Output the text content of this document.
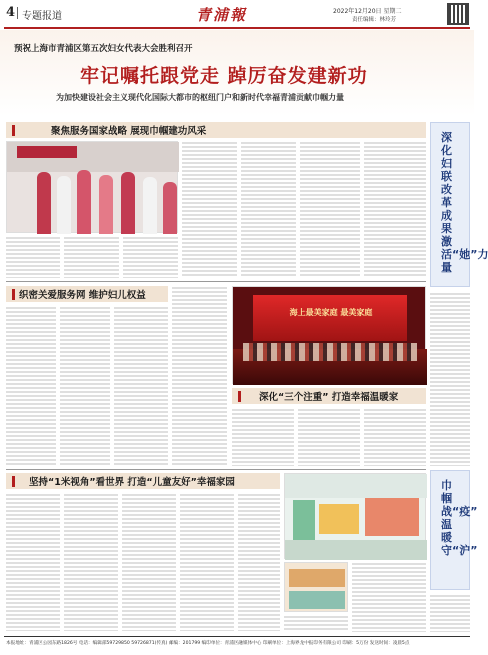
4 专题报道	青浦報	2022年12月20日 星期二
责任编辑：林玲芳
预祝上海市青浦区第五次妇女代表大会胜利召开
牢记嘱托跟党走 踔厉奋发建新功
为加快建设社会主义现代化国际大都市的枢纽门户和新时代幸福青浦贡献巾帼力量
聚焦服务国家战略 展现巾帼建功风采	深化妇联改革成果 激活“她”力量
巾帼战“疫” 温暖守“沪”
织密关爱服务网 维护妇儿权益
海上最美家庭 最美家庭
深化“三个注重” 打造幸福温暖家
坚持“1米视角”看世界 打造“儿童友好”幸福家园
本报地址：青浦区公园东路1826号 电话：编辑部59729850 59726871(传真) 邮编：201799 编印单位：青浦区融媒体中心 印刷单位：上海界龙中报印务有限公司 印刷：5万份 发送时间：凌晨5点
